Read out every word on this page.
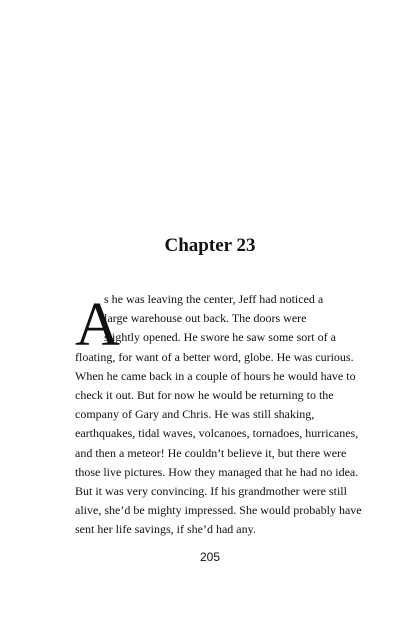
Chapter 23
A
s he was leaving the center, Jeff had noticed a
large warehouse out back. The doors were
slightly opened. He swore he saw some sort of a
floating, for want of a better word, globe. He was curious.
When he came back in a couple of hours he would have to
check it out. But for now he would be returning to the
company of Gary and Chris. He was still shaking,
earthquakes, tidal waves, volcanoes, tornadoes, hurricanes,
and then a meteor! He couldn’t believe it, but there were
those live pictures. How they managed that he had no idea.
But it was very convincing. If his grandmother were still
alive, she’d be mighty impressed. She would probably have
sent her life savings, if she’d had any.
205
